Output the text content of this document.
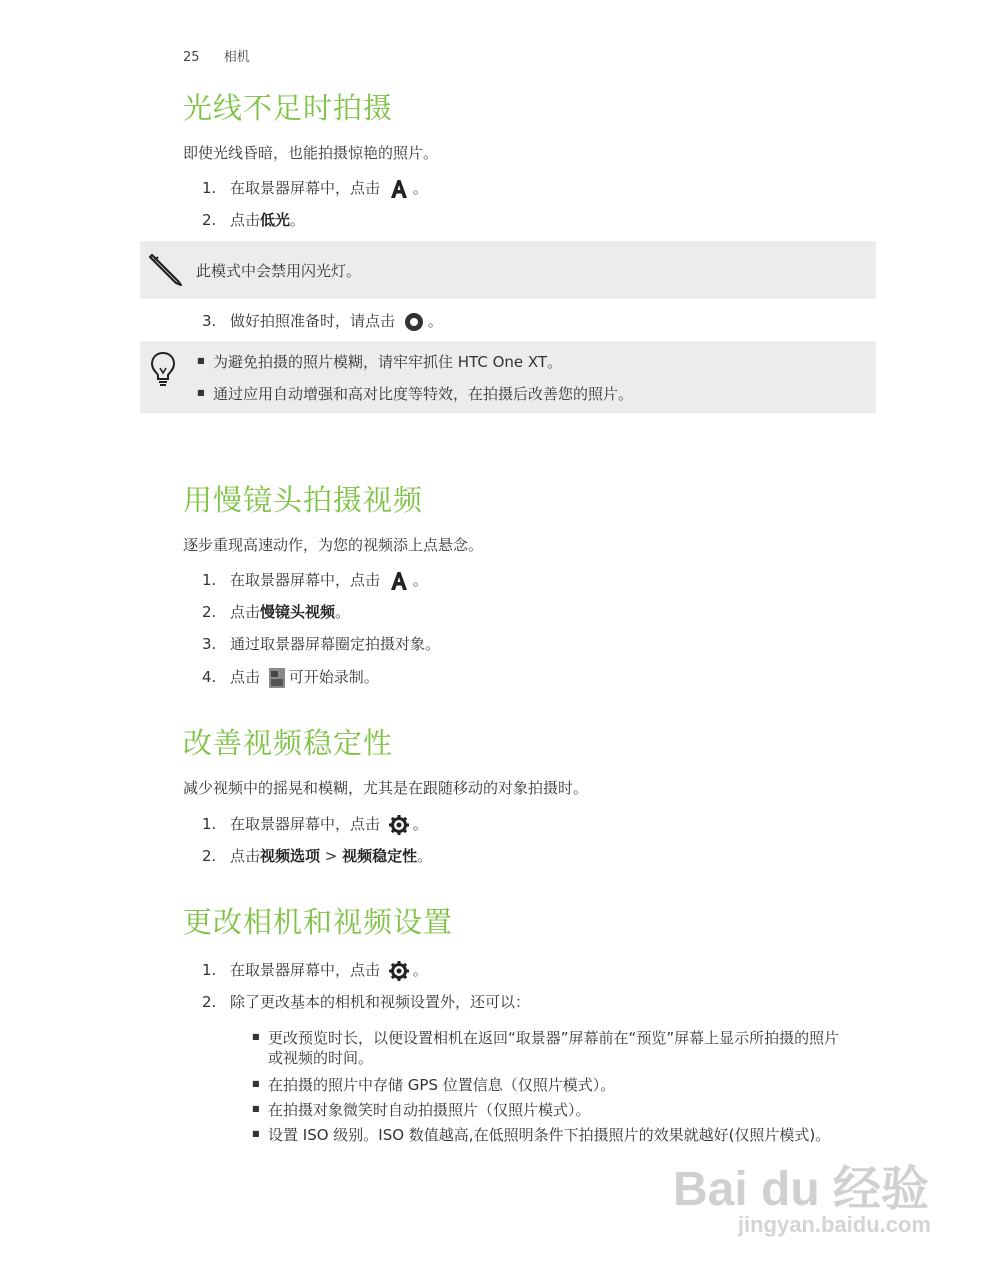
25 相机
光线不足时拍摄
即使光线昏暗，也能拍摄惊艳的照片。
1. 在取景器屏幕中，点击 。
2. 点击低光。
此模式中会禁用闪光灯。
3. 做好拍照准备时，请点击 。
■ 为避免拍摄的照片模糊，请牢牢抓住 HTC One XT。
■ 通过应用自动增强和高对比度等特效，在拍摄后改善您的照片。
用慢镜头拍摄视频
逐步重现高速动作，为您的视频添上点悬念。
1. 在取景器屏幕中，点击 。
2. 点击慢镜头视频。
3. 通过取景器屏幕圈定拍摄对象。
4. 点击 可开始录制。
改善视频稳定性
减少视频中的摇晃和模糊，尤其是在跟随移动的对象拍摄时。
1. 在取景器屏幕中，点击 。
2. 点击视频选项 > 视频稳定性。
更改相机和视频设置
1. 在取景器屏幕中，点击 。
2. 除了更改基本的相机和视频设置外，还可以：
■ 更改预览时长，以便设置相机在返回“取景器”屏幕前在“预览”屏幕上显示所拍摄的照片
或视频的时间。
■ 在拍摄的照片中存储 GPS 位置信息（仅照片模式）。
■ 在拍摄对象微笑时自动拍摄照片（仅照片模式）。
■ 设置 ISO 级别。ISO 数值越高,在低照明条件下拍摄照片的效果就越好(仅照片模式)。
Bai du 经验
jingyan.baidu.com
